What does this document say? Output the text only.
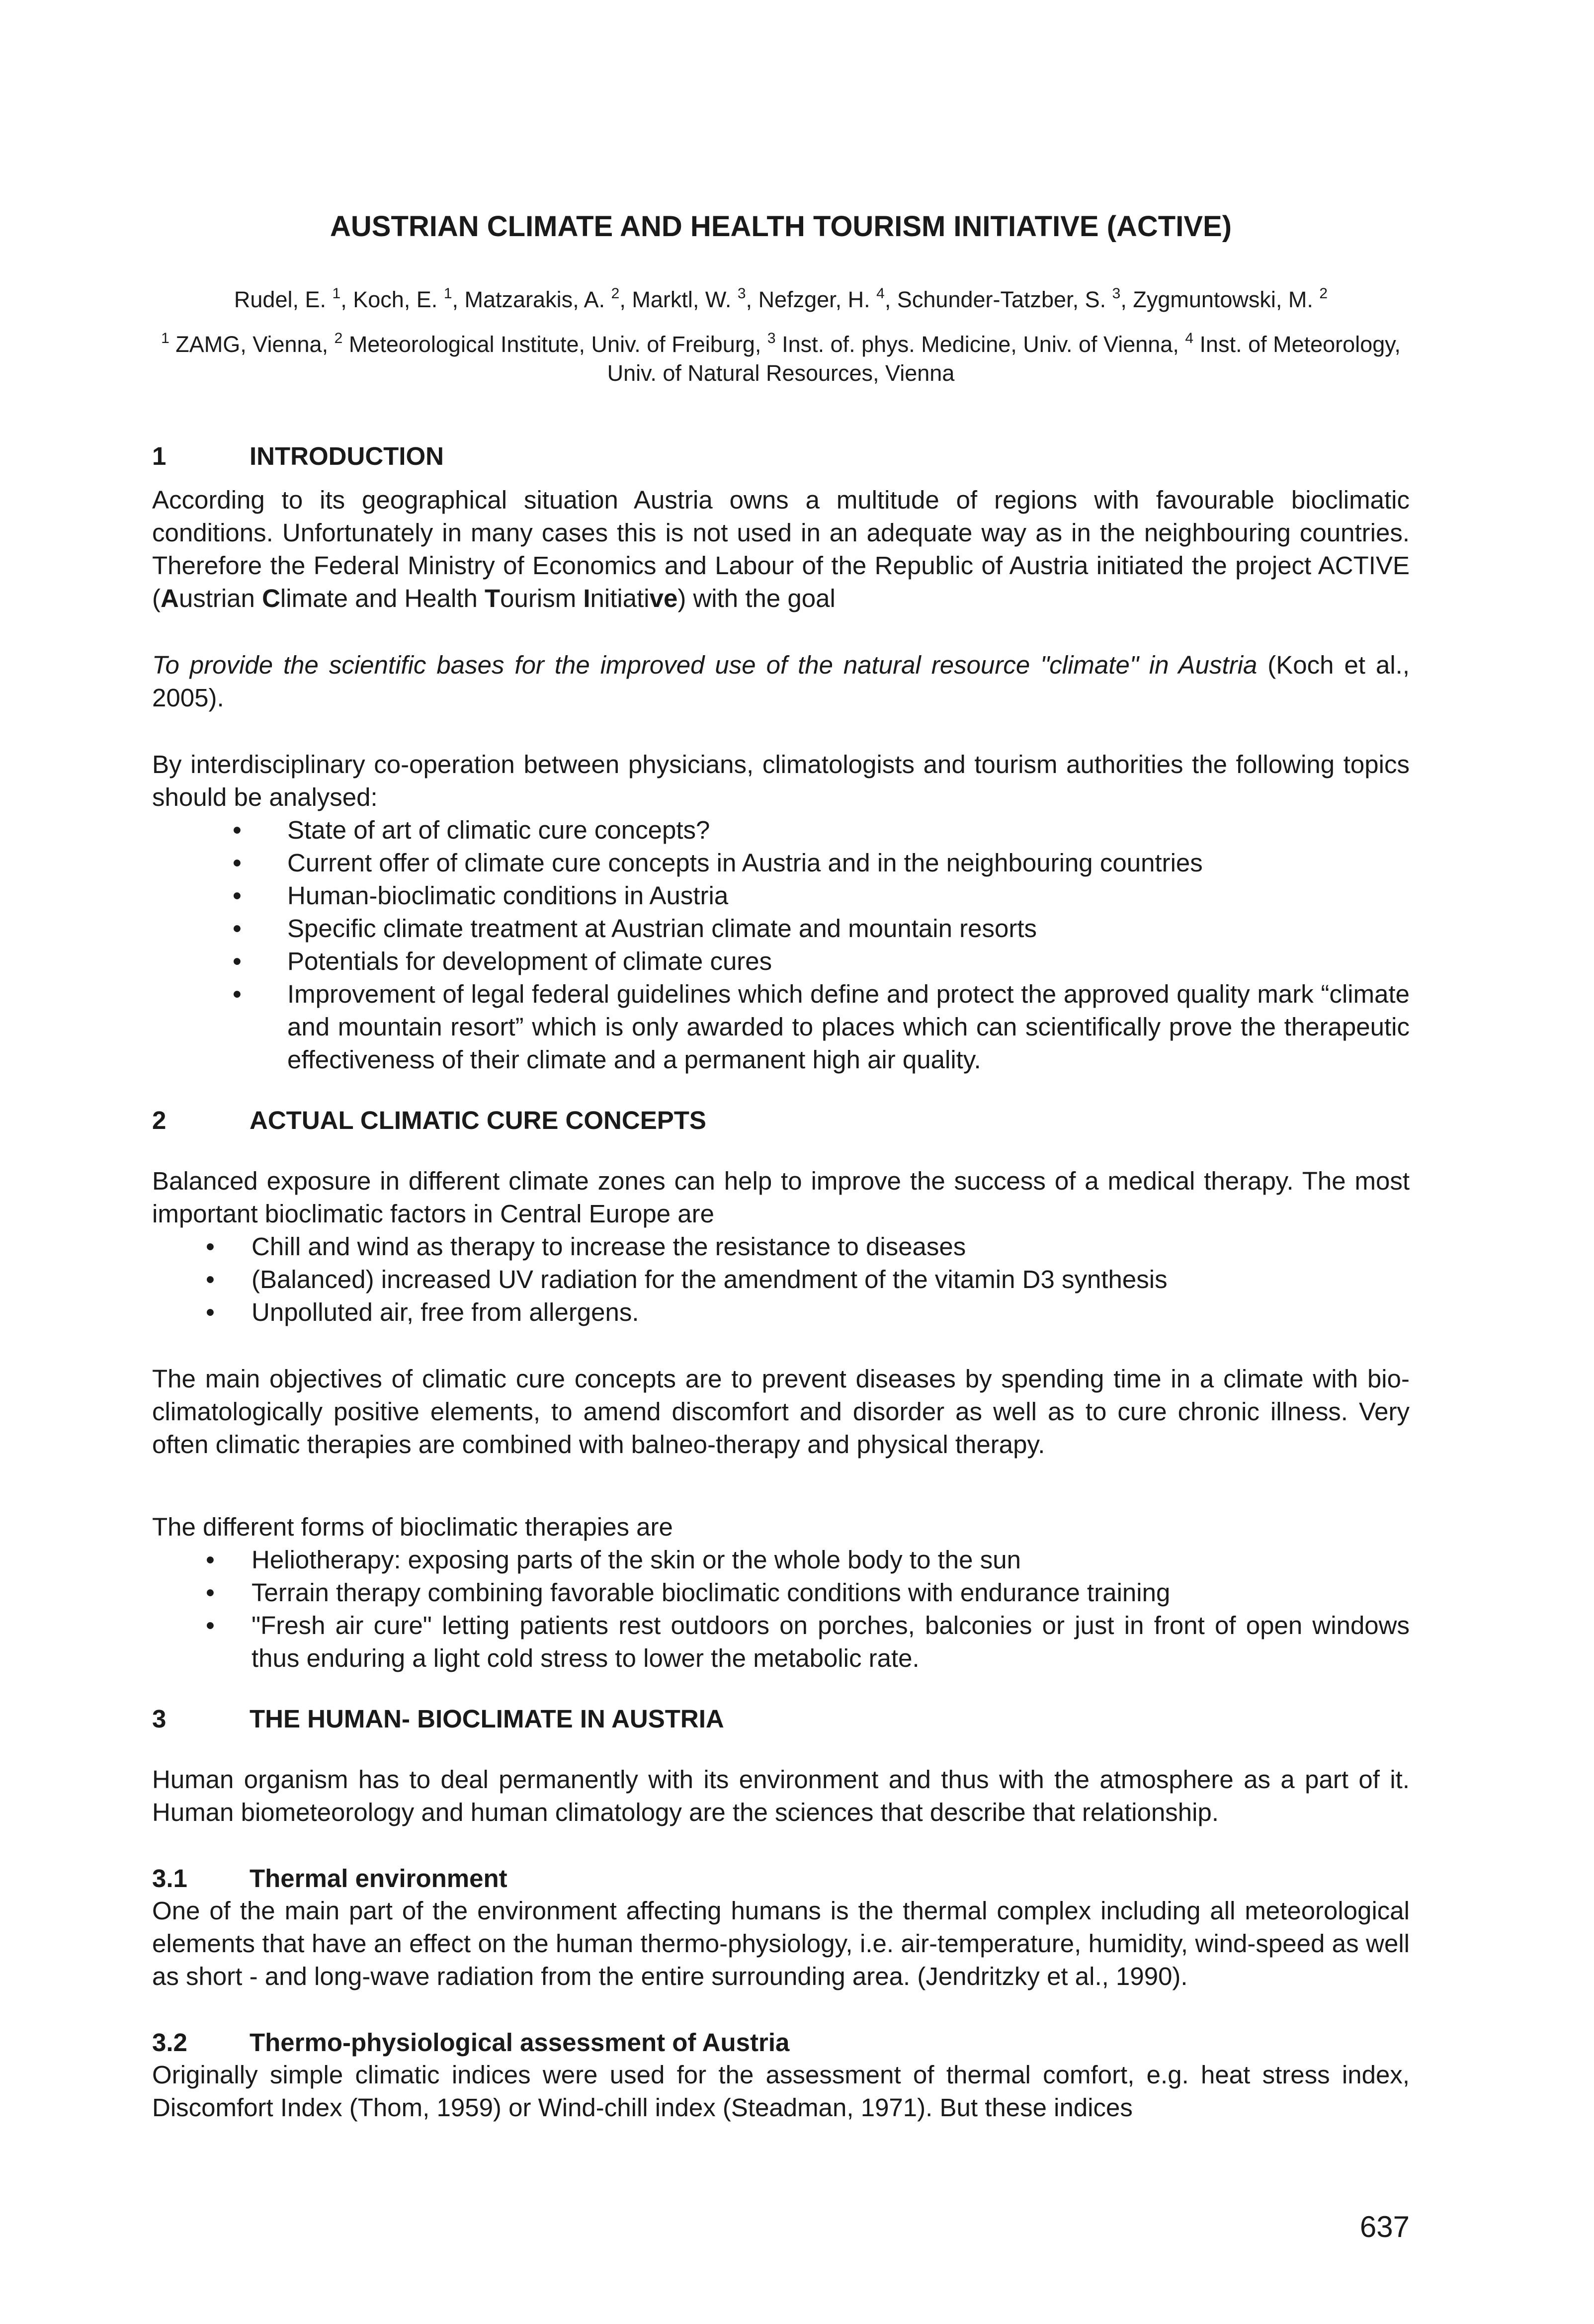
AUSTRIAN CLIMATE AND HEALTH TOURISM INITIATIVE (ACTIVE)
Rudel, E. $^1$, Koch, E. $^1$, Matzarakis, A. $^2$, Marktl, W. $^3$, Nefzger, H. $^4$, Schunder-Tatzber, S. $^3$, Zygmuntowski, M. $^2$
$^1$ ZAMG, Vienna, $^2$ Meteorological Institute, Univ. of Freiburg, $^3$ Inst. of. phys. Medicine, Univ. of Vienna, $^4$ Inst. of Meteorology, Univ. of Natural Resources, Vienna
1	INTRODUCTION

According to its geographical situation Austria owns a multitude of regions with favourable bioclimatic conditions. Unfortunately in many cases this is not used in an adequate way as in the neighbouring countries. Therefore the Federal Ministry of Economics and Labour of the Republic of Austria initiated the project ACTIVE (Austrian Climate and Health Tourism Initiative) with the goal

To provide the scientific bases for the improved use of the natural resource "climate" in Austria (Koch et al., 2005).

By interdisciplinary co-operation between physicians, climatologists and tourism authorities the following topics should be analysed:

• State of art of climatic cure concepts?
• Current offer of climate cure concepts in Austria and in the neighbouring countries
• Human-bioclimatic conditions in Austria
• Specific climate treatment at Austrian climate and mountain resorts
• Potentials for development of climate cures
• Improvement of legal federal guidelines which define and protect the approved quality mark “climate and mountain resort” which is only awarded to places which can scientifically prove the therapeutic effectiveness of their climate and a permanent high air quality.
2	ACTUAL CLIMATIC CURE CONCEPTS

Balanced exposure in different climate zones can help to improve the success of a medical therapy. The most important bioclimatic factors in Central Europe are

• Chill and wind as therapy to increase the resistance to diseases
• (Balanced) increased UV radiation for the amendment of the vitamin D3 synthesis
• Unpolluted air, free from allergens.

The main objectives of climatic cure concepts are to prevent diseases by spending time in a climate with bio-climatologically positive elements, to amend discomfort and disorder as well as to cure chronic illness. Very often climatic therapies are combined with balneo-therapy and physical therapy.

The different forms of bioclimatic therapies are

• Heliotherapy: exposing parts of the skin or the whole body to the sun
• Terrain therapy combining favorable bioclimatic conditions with endurance training
• "Fresh air cure" letting patients rest outdoors on porches, balconies or just in front of open windows thus enduring a light cold stress to lower the metabolic rate.
3	THE HUMAN- BIOCLIMATE IN AUSTRIA

Human organism has to deal permanently with its environment and thus with the atmosphere as a part of it. Human biometeorology and human climatology are the sciences that describe that relationship.

3.1 Thermal environment

One of the main part of the environment affecting humans is the thermal complex including all meteorological elements that have an effect on the human thermo-physiology, i.e. air-temperature, humidity, wind-speed as well as short - and long-wave radiation from the entire surrounding area. (Jendritzky et al., 1990).

3.2 Thermo-physiological assessment of Austria

Originally simple climatic indices were used for the assessment of thermal comfort, e.g. heat stress index, Discomfort Index (Thom, 1959) or Wind-chill index (Steadman, 1971). But these indices

637
